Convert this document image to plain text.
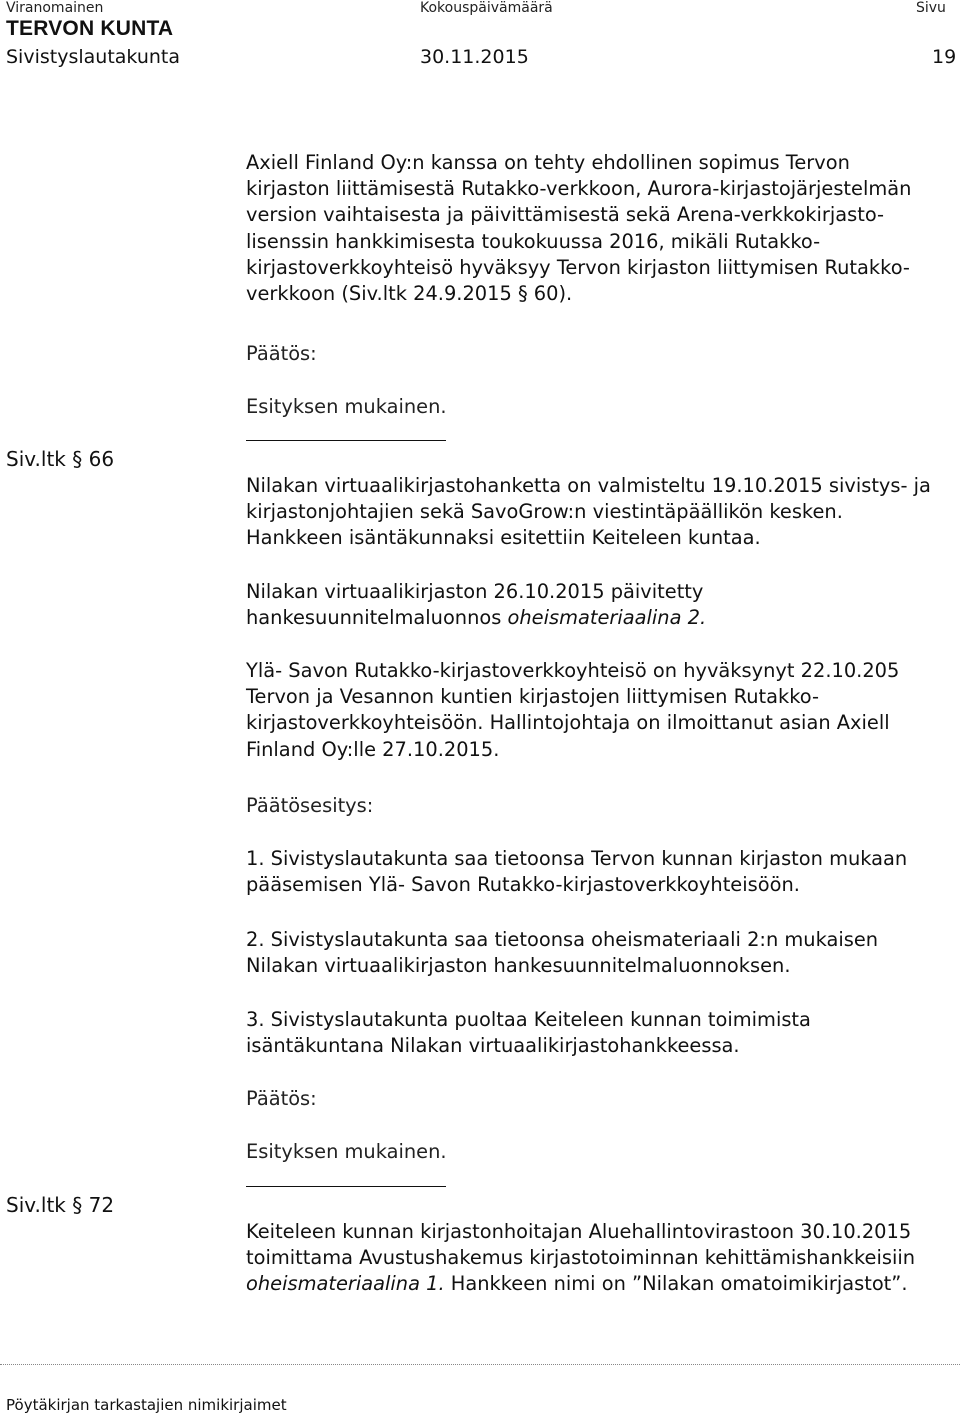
Viranomainen	Kokouspäivämäärä	Sivu
TERVON KUNTA
Sivistyslautakunta	30.11.2015	19
Axiell Finland Oy:n kanssa on tehty ehdollinen sopimus Tervon
kirjaston liittämisestä Rutakko-verkkoon, Aurora-kirjastojärjestelmän
version vaihtaisesta ja päivittämisestä sekä Arena-verkkokirjasto-
lisenssin hankkimisesta toukokuussa 2016, mikäli Rutakko-
kirjastoverkkoyhteisö hyväksyy Tervon kirjaston liittymisen Rutakko-
verkkoon (Siv.ltk 24.9.2015 § 60).
Päätös:
Esityksen mukainen.
Siv.ltk § 66
Nilakan virtuaalikirjastohanketta on valmisteltu 19.10.2015 sivistys- ja
kirjastonjohtajien sekä SavoGrow:n viestintäpäällikön kesken.
Hankkeen isäntäkunnaksi esitettiin Keiteleen kuntaa.
Nilakan virtuaalikirjaston 26.10.2015 päivitetty
hankesuunnitelmaluonnos oheismateriaalina 2.
Ylä- Savon Rutakko-kirjastoverkkoyhteisö on hyväksynyt 22.10.205
Tervon ja Vesannon kuntien kirjastojen liittymisen Rutakko-
kirjastoverkkoyhteisöön. Hallintojohtaja on ilmoittanut asian Axiell
Finland Oy:lle 27.10.2015.
Päätösesitys:
1. Sivistyslautakunta saa tietoonsa Tervon kunnan kirjaston mukaan
pääsemisen Ylä- Savon Rutakko-kirjastoverkkoyhteisöön.
2. Sivistyslautakunta saa tietoonsa oheismateriaali 2:n mukaisen
Nilakan virtuaalikirjaston hankesuunnitelmaluonnoksen.
3. Sivistyslautakunta puoltaa Keiteleen kunnan toimimista
isäntäkuntana Nilakan virtuaalikirjastohankkeessa.
Päätös:
Esityksen mukainen.
Siv.ltk § 72
Keiteleen kunnan kirjastonhoitajan Aluehallintovirastoon 30.10.2015
toimittama Avustushakemus kirjastotoiminnan kehittämishankkeisiin
oheismateriaalina 1. Hankkeen nimi on ”Nilakan omatoimikirjastot”.
Pöytäkirjan tarkastajien nimikirjaimet
